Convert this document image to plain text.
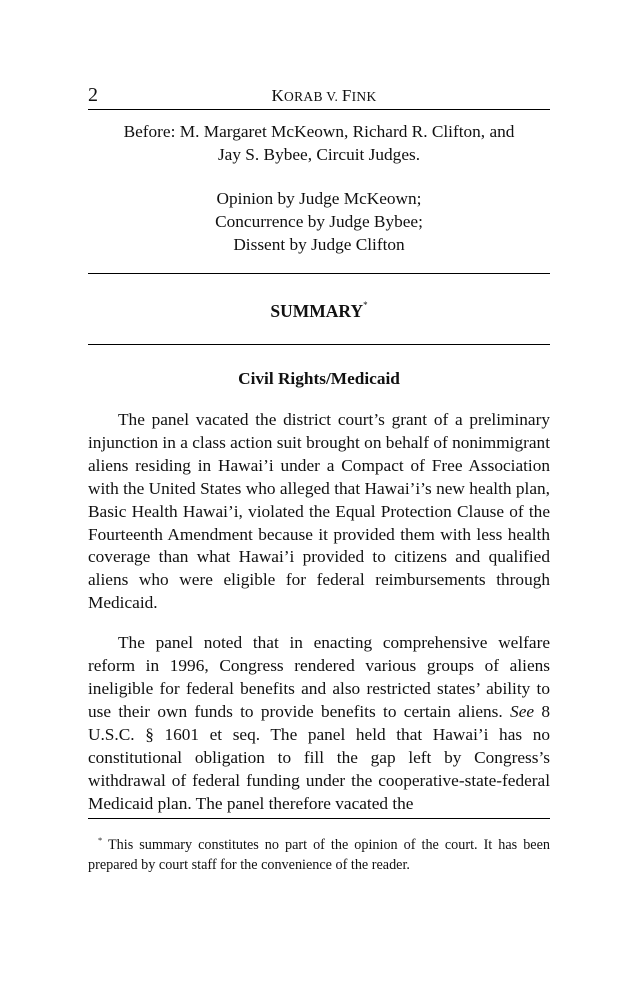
2	KORAB V. FINK
Before: M. Margaret McKeown, Richard R. Clifton, and
Jay S. Bybee, Circuit Judges.
Opinion by Judge McKeown;
Concurrence by Judge Bybee;
Dissent by Judge Clifton
SUMMARY*
Civil Rights/Medicaid

The panel vacated the district court’s grant of a preliminary injunction in a class action suit brought on behalf of nonimmigrant aliens residing in Hawai’i under a Compact of Free Association with the United States who alleged that Hawai’i’s new health plan, Basic Health Hawai’i, violated the Equal Protection Clause of the Fourteenth Amendment because it provided them with less health coverage than what Hawai’i provided to citizens and qualified aliens who were eligible for federal reimbursements through Medicaid.

The panel noted that in enacting comprehensive welfare reform in 1996, Congress rendered various groups of aliens ineligible for federal benefits and also restricted states’ ability to use their own funds to provide benefits to certain aliens. See 8 U.S.C. § 1601 et seq. The panel held that Hawai’i has no constitutional obligation to fill the gap left by Congress’s withdrawal of federal funding under the cooperative-state-federal Medicaid plan. The panel therefore vacated the

* This summary constitutes no part of the opinion of the court. It has been prepared by court staff for the convenience of the reader.
